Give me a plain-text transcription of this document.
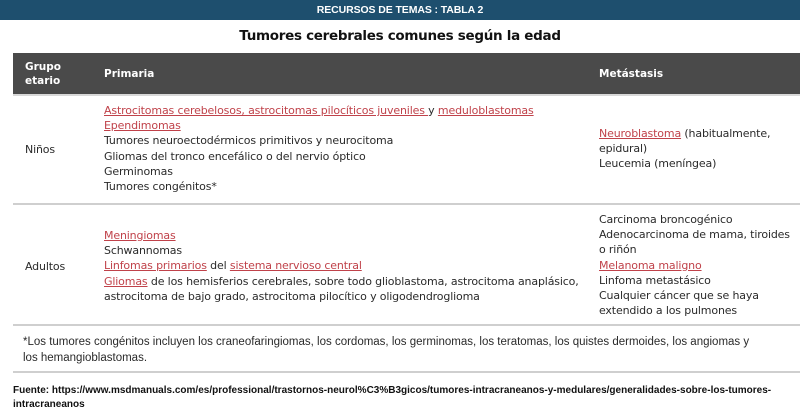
RECURSOS DE TEMAS : TABLA 2
Tumores cerebrales comunes según la edad
Grupo
etario
Primaria	Metástasis
Niños
Astrocitomas cerebelosos, astrocitomas pilocíticos juveniles y meduloblastomas
Ependimomas
Tumores neuroectodérmicos primitivos y neurocitoma
Gliomas del tronco encefálico o del nervio óptico
Germinomas
Tumores congénitos*
Neuroblastoma (habitualmente,
epidural)
Leucemia (meníngea)
Adultos
Meningiomas
Schwannomas
Linfomas primarios del sistema nervioso central
Gliomas de los hemisferios cerebrales, sobre todo glioblastoma, astrocitoma anaplásico,
astrocitoma de bajo grado, astrocitoma pilocítico y oligodendroglioma
Carcinoma broncogénico
Adenocarcinoma de mama, tiroides
o riñón
Melanoma maligno
Linfoma metastásico
Cualquier cáncer que se haya
extendido a los pulmones
*Los tumores congénitos incluyen los craneofaringiomas, los cordomas, los germinomas, los teratomas, los quistes dermoides, los angiomas y
los hemangioblastomas.
Fuente: https://www.msdmanuals.com/es/professional/trastornos-neurol%C3%B3gicos/tumores-intracraneanos-y-medulares/generalidades-sobre-los-tumores-
intracraneanos
